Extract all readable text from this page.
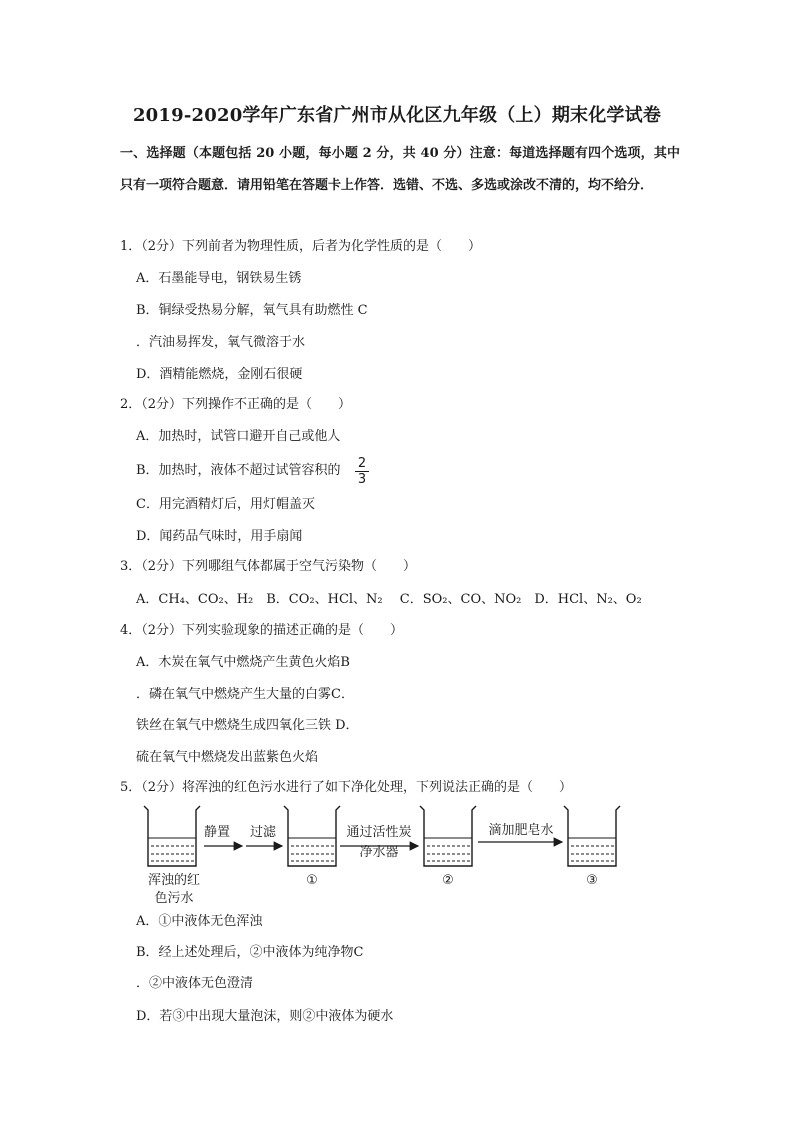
2019-2020学年广东省广州市从化区九年级（上）期末化学试卷
一、选择题（本题包括 20 小题，每小题 2 分，共 40 分）注意：每道选择题有四个选项，其中只有一项符合题意．请用铅笔在答题卡上作答．选错、不选、多选或涂改不清的，均不给分．
1．（2分）下列前者为物理性质，后者为化学性质的是（　　）
A．石墨能导电，钢铁易生锈
B．铜绿受热易分解，氧气具有助燃性 C
．汽油易挥发，氧气微溶于水
D．酒精能燃烧，金刚石很硬
2．（2分）下列操作不正确的是（　　）
A．加热时，试管口避开自己或他人
B．加热时，液体不超过试管容积的 $\frac{2}{3}$
C．用完酒精灯后，用灯帽盖灭
D．闻药品气味时，用手扇闻
3．（2分）下列哪组气体都属于空气污染物（　　）
A．CH₄、CO₂、H₂　B．CO₂、HCl、N₂　 C．SO₂、CO、NO₂　D．HCl、N₂、O₂
4．（2分）下列实验现象的描述正确的是（　　）
A．木炭在氧气中燃烧产生黄色火焰B
．磷在氧气中燃烧产生大量的白雾C．
铁丝在氧气中燃烧生成四氧化三铁 D．
硫在氧气中燃烧发出蓝紫色火焰
5．（2分）将浑浊的红色污水进行了如下净化处理，下列说法正确的是（　　）
静置 过滤	通过活性炭
净水器
滴加肥皂水
浑浊的红
色污水
①	②	③
A．①中液体无色浑浊
B．经上述处理后，②中液体为纯净物C
．②中液体无色澄清
D．若③中出现大量泡沫，则②中液体为硬水
